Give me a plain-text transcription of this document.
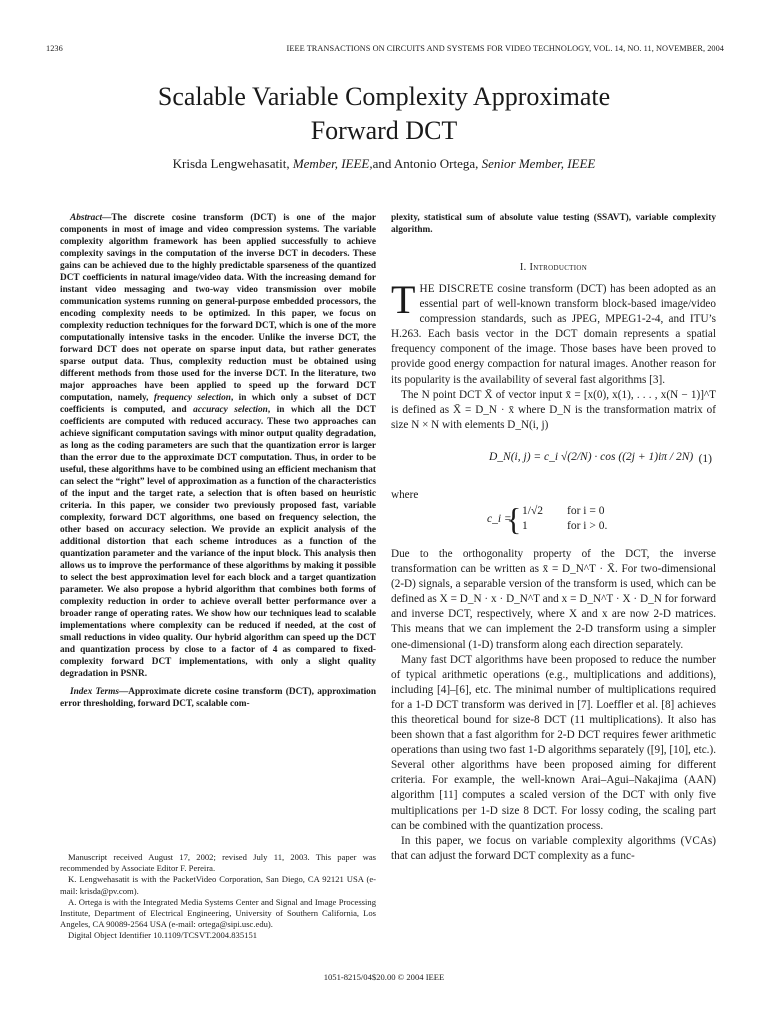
1236	IEEE TRANSACTIONS ON CIRCUITS AND SYSTEMS FOR VIDEO TECHNOLOGY, VOL. 14, NO. 11, NOVEMBER, 2004
Scalable Variable Complexity Approximate
Forward DCT
Krisda Lengwehasatit, Member, IEEE,and Antonio Ortega, Senior Member, IEEE

Abstract—The discrete cosine transform (DCT) is one of the major components in most of image and video compression systems. The variable complexity algorithm framework has been applied successfully to achieve complexity savings in the computation of the inverse DCT in decoders. These gains can be achieved due to the highly predictable sparseness of the quantized DCT coefficients in natural image/video data. With the increasing demand for instant video messaging and two-way video transmission over mobile communication systems running on general-purpose embedded processors, the encoding complexity needs to be optimized. In this paper, we focus on complexity reduction techniques for the forward DCT, which is one of the more computationally intensive tasks in the encoder. Unlike the inverse DCT, the forward DCT does not operate on sparse input data, but rather generates sparse output data. Thus, complexity reduction must be obtained using different methods from those used for the inverse DCT. In the literature, two major approaches have been applied to speed up the forward DCT computation, namely, frequency selection, in which only a subset of DCT coefficients is computed, and accuracy selection, in which all the DCT coefficients are computed with reduced accuracy. These two approaches can achieve significant computation savings with minor output quality degradation, as long as the coding parameters are such that the quantization error is larger than the error due to the approximate DCT computation. Thus, in order to be useful, these algorithms have to be combined using an efficient mechanism that can select the “right” level of approximation as a function of the characteristics of the input and the target rate, a selection that is often based on heuristic criteria. In this paper, we consider two previously proposed fast, variable complexity, forward DCT algorithms, one based on frequency selection, the other based on accuracy selection. We provide an explicit analysis of the additional distortion that each scheme introduces as a function of the quantization parameter and the variance of the input block. This analysis then allows us to improve the performance of these algorithms by making it possible to select the best approximation level for each block and a target quantization parameter. We also propose a hybrid algorithm that combines both forms of complexity reduction in order to achieve overall better performance over a broader range of operating rates. We show how our techniques lead to scalable implementations where complexity can be reduced if needed, at the cost of small reductions in video quality. Our hybrid algorithm can speed up the DCT and quantization process by close to a factor of 4 as compared to fixed-complexity forward DCT implementations, with only a slight quality degradation in PSNR.

Index Terms—Approximate dicrete cosine transform (DCT), approximation error thresholding, forward DCT, scalable com-

Manuscript received August 17, 2002; revised July 11, 2003. This paper was recommended by Associate Editor F. Pereira.

K. Lengwehasatit is with the PacketVideo Corporation, San Diego, CA 92121 USA (e-mail: krisda@pv.com).

A. Ortega is with the Integrated Media Systems Center and Signal and Image Processing Institute, Department of Electrical Engineering, University of Southern California, Los Angeles, CA 90089-2564 USA (e-mail: ortega@sipi.usc.edu).

Digital Object Identifier 10.1109/TCSVT.2004.835151

plexity, statistical sum of absolute value testing (SSAVT), variable complexity algorithm.

I. Introduction

THE DISCRETE cosine transform (DCT) has been adopted as an essential part of well-known transform block-based image/video compression standards, such as JPEG, MPEG1-2-4, and ITU’s H.263. Each basis vector in the DCT domain represents a spatial frequency component of the image. Those bases have been proved to provide good energy compaction for natural images. Another reason for its popularity is the availability of several fast algorithms [3].

The N point DCT X̄ of vector input x̄ = [x(0), x(1), . . . , x(N − 1)]^T is defined as X̄ = D_N · x̄ where D_N is the transformation matrix of size N × N with elements D_N(i, j)

D_N(i, j) = c_i √(2/N) · cos ((2j + 1)iπ / 2N) (1)

where

c_i =
{ 1/√2 for i = 0
1	for i > 0.

Due to the orthogonality property of the DCT, the inverse transformation can be written as x̄ = D_N^T · X̄. For two-dimensional (2-D) signals, a separable version of the transform is used, which can be defined as X = D_N · x · D_N^T and x = D_N^T · X · D_N for forward and inverse DCT, respectively, where X and x are now 2-D matrices. This means that we can implement the 2-D transform using a simpler one-dimensional (1-D) transform along each direction separately.

Many fast DCT algorithms have been proposed to reduce the number of typical arithmetic operations (e.g., multiplications and additions), including [4]–[6], etc. The minimal number of multiplications required for a 1-D DCT transform was derived in [7]. Loeffler et al. [8] achieves this theoretical bound for size-8 DCT (11 multiplications). It also has been shown that a fast algorithm for 2-D DCT requires fewer arithmetic operations than using two fast 1-D algorithms separately ([9], [10], etc.). Several other algorithms have been proposed aiming for different criteria. For example, the well-known Arai–Agui–Nakajima (AAN) algorithm [11] computes a scaled version of the DCT with only five multiplications per 1-D size 8 DCT. For lossy coding, the scaling part can be combined with the quantization process.

In this paper, we focus on variable complexity algorithms (VCAs) that can adjust the forward DCT complexity as a func-

1051-8215/04$20.00 © 2004 IEEE
